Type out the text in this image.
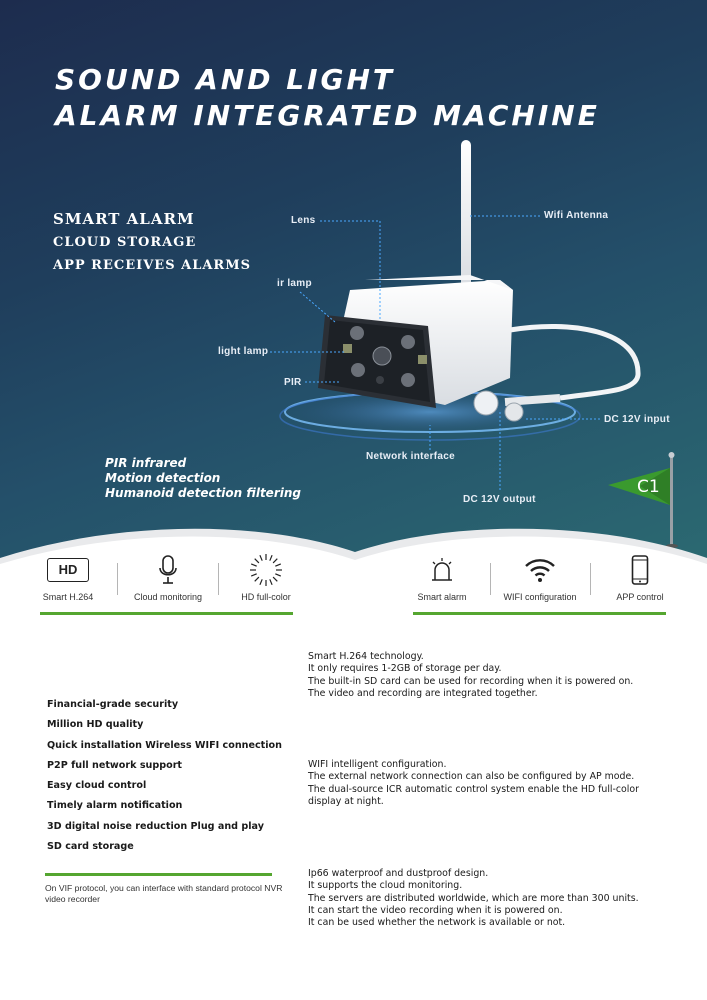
SOUND AND LIGHT
ALARM INTEGRATED MACHINE
SMART ALARM
CLOUD STORAGE
APP RECEIVES ALARMS
Lens	Wifi Antenna
ir lamp
light lamp
PIR
DC 12V input
Network interface
DC 12V output
PIR infrared
Motion detection
Humanoid detection filtering	C1
HD
Smart H.264	Cloud monitoring	HD full-color	Smart alarm	WIFI configuration	APP control
Smart H.264 technology.
It only requires 1-2GB of storage per day.
The built-in SD card can be used for recording when it is powered on.
The video and recording are integrated together.
WIFI intelligent configuration.
The external network connection can also be configured by AP mode.
The dual-source ICR automatic control system enable the HD full-color
display at night.
Ip66 waterproof and dustproof design.
It supports the cloud monitoring.
The servers are distributed worldwide, which are more than 300 units.
It can start the video recording when it is powered on.
It can be used whether the network is available or not.
Financial-grade security
Million HD quality
Quick installation Wireless WIFI connection
P2P full network support
Easy cloud control
Timely alarm notification
3D digital noise reduction Plug and play
SD card storage
On VIF protocol, you can interface with standard protocol NVR video recorder
